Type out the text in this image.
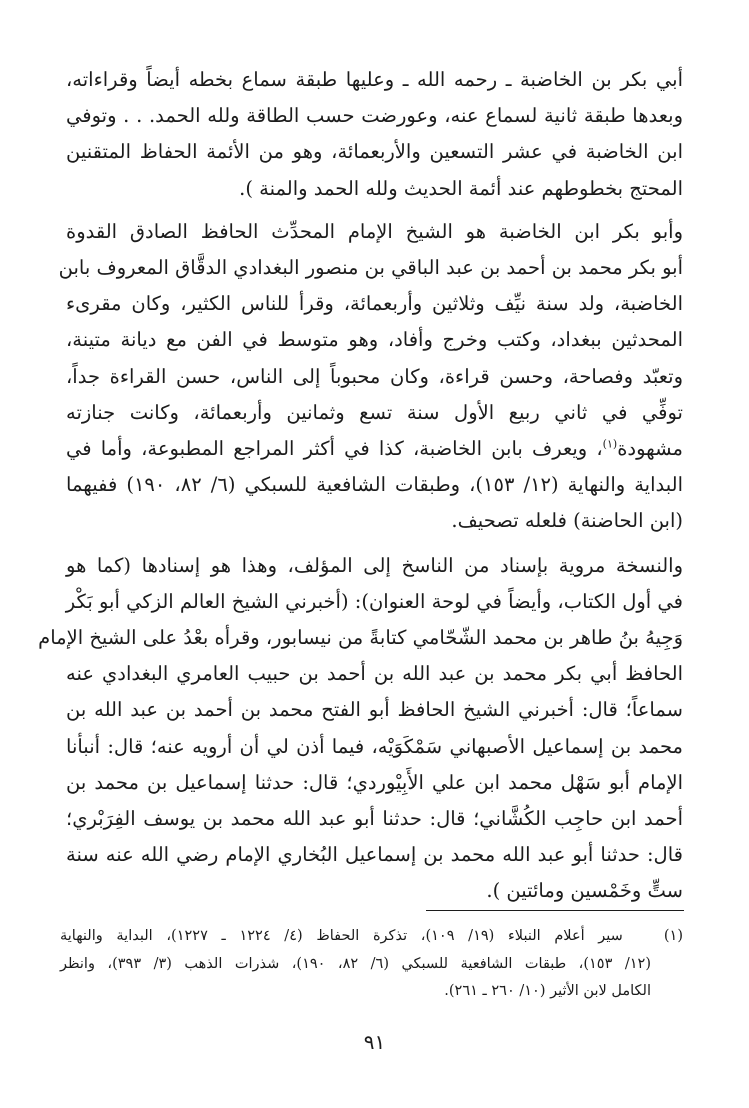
أبي بكر بن الخاضبة ـ رحمه الله ـ وعليها طبقة سماع بخطه أيضاً وقراءاته،
وبعدها طبقة ثانية لسماع عنه، وعورضت حسب الطاقة ولله الحمد. . . وتوفي
ابن الخاضبة في عشر التسعين والأربعمائة، وهو من الأئمة الحفاظ المتقنين
المحتج بخطوطهم عند أئمة الحديث ولله الحمد والمنة ).
وأبو بكر ابن الخاضبة هو الشيخ الإمام المحدِّث الحافظ الصادق القدوة
أبو بكر محمد بن أحمد بن عبد الباقي بن منصور البغدادي الدقَّاق المعروف بابن
الخاضبة، ولد سنة نيِّف وثلاثين وأربعمائة، وقرأ للناس الكثير، وكان مقرىء
المحدثين ببغداد، وكتب وخرج وأفاد، وهو متوسط في الفن مع ديانة متينة،
وتعبّد وفصاحة، وحسن قراءة، وكان محبوباً إلى الناس، حسن القراءة جداً،
توفِّي في ثاني ربيع الأول سنة تسع وثمانين وأربعمائة، وكانت جنازته
مشهودة$^{(١)}$، ويعرف بابن الخاضبة، كذا في أكثر المراجع المطبوعة، وأما في
البداية والنهاية (١٢/ ١٥٣)، وطبقات الشافعية للسبكي (٦/ ٨٢، ١٩٠) ففيهما
(ابن الحاضنة) فلعله تصحيف.
والنسخة مروية بإسناد من الناسخ إلى المؤلف، وهذا هو إسنادها (كما هو
في أول الكتاب، وأيضاً في لوحة العنوان): (أخبرني الشيخ العالم الزكي أبو بَكْر
وَجِيهُ بنُ طاهر بن محمد الشّحّامي كتابةً من نيسابور، وقرأه بعْدُ على الشيخ الإمام
الحافظ أبي بكر محمد بن عبد الله بن أحمد بن حبيب العامري البغدادي عنه
سماعاً؛ قال: أخبرني الشيخ الحافظ أبو الفتح محمد بن أحمد بن عبد الله بن
محمد بن إسماعيل الأصبهاني سَمْكَوَيْه، فيما أذن لي أن أرويه عنه؛ قال: أنبأنا
الإمام أبو سَهْل محمد ابن علي الأَبِيْوردي؛ قال: حدثنا إسماعيل بن محمد بن
أحمد ابن حاجِب الكُشَّاني؛ قال: حدثنا أبو عبد الله محمد بن يوسف الفِرَبْري؛
قال: حدثنا أبو عبد الله محمد بن إسماعيل البُخاري الإمام رضي الله عنه سنة
ستٍّ وخَمْسين ومائتين ).
(١)   سير أعلام النبلاء (١٩/ ١٠٩)، تذكرة الحفاظ (٤/ ١٢٢٤ ـ ١٢٢٧)، البداية والنهاية
(١٢/ ١٥٣)، طبقات الشافعية للسبكي (٦/ ٨٢، ١٩٠)، شذرات الذهب (٣/ ٣٩٣)، وانظر
الكامل لابن الأثير (١٠/ ٢٦٠ ـ ٢٦١).
٩١
